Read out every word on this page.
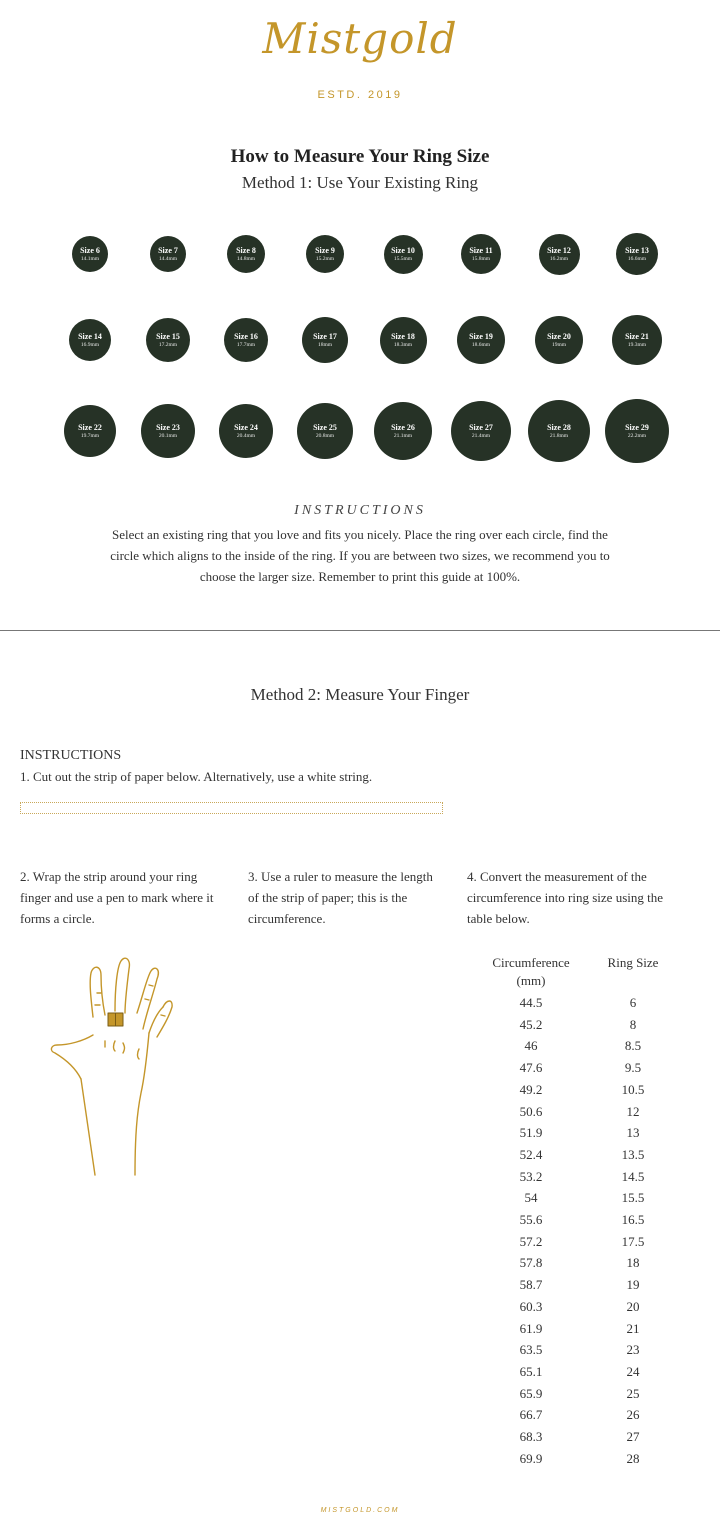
Mistgold
ESTD. 2019
How to Measure Your Ring Size
Method 1: Use Your Existing Ring
Size 6
14.1mm
Size 7
14.4mm
Size 8
14.8mm
Size 9
15.2mm
Size 10
15.5mm
Size 11
15.8mm
Size 12
16.2mm
Size 13
16.6mm
Size 14
16.9mm
Size 15
17.2mm
Size 16
17.7mm
Size 17
18mm
Size 18
18.3mm
Size 19
18.6mm
Size 20
19mm
Size 21
19.3mm
Size 22
19.7mm
Size 23
20.1mm
Size 24
20.4mm
Size 25
20.8mm
Size 26
21.1mm
Size 27
21.4mm
Size 28
21.8mm
Size 29
22.2mm
INSTRUCTIONS
Select an existing ring that you love and fits you nicely. Place the ring over each circle, find the circle which aligns to the inside of the ring. If you are between two sizes, we recommend you to choose the larger size. Remember to print this guide at 100%.
Method 2: Measure Your Finger
INSTRUCTIONS
1. Cut out the strip of paper below. Alternatively, use a white string.
2. Wrap the strip around your ring finger and use a pen to mark where it forms a circle.
3. Use a ruler to measure the length of the strip of paper; this is the circumference.
4. Convert the measurement of the circumference into ring size using the table below.
Circumference (mm)
Ring Size
44.5	6
45.2	8
46	8.5
47.6	9.5
49.2	10.5
50.6	12
51.9	13
52.4	13.5
53.2	14.5
54	15.5
55.6	16.5
57.2	17.5
57.8	18
58.7	19
60.3	20
61.9	21
63.5	23
65.1	24
65.9	25
66.7	26
68.3	27
69.9	28
MISTGOLD.COM
